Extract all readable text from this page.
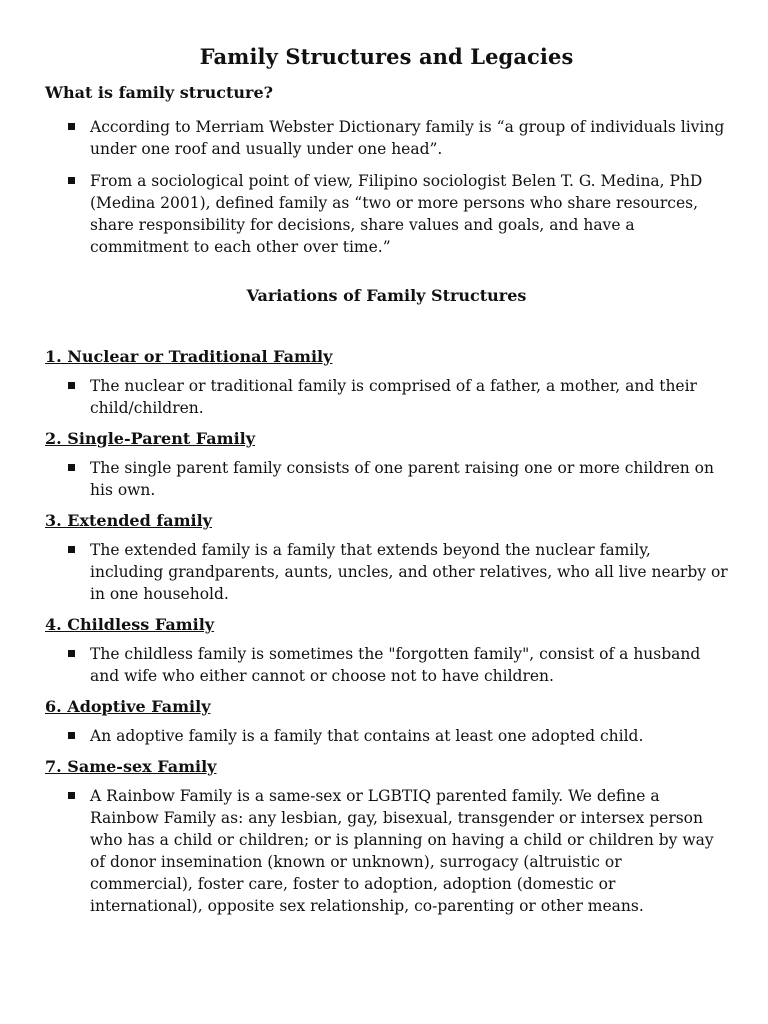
Family Structures and Legacies
What is family structure?
According to Merriam Webster Dictionary family is “a group of individuals living under one roof and usually under one head”.
From a sociological point of view, Filipino sociologist Belen T. G. Medina, PhD (Medina 2001), defined family as “two or more persons who share resources, share responsibility for decisions, share values and goals, and have a commitment to each other over time.”
Variations of Family Structures
1. Nuclear or Traditional Family
The nuclear or traditional family is comprised of a father, a mother, and their child/children.
2. Single-Parent Family
The single parent family consists of one parent raising one or more children on his own.
3. Extended family
The extended family is a family that extends beyond the nuclear family, including grandparents, aunts, uncles, and other relatives, who all live nearby or in one household.
4. Childless Family
The childless family is sometimes the "forgotten family", consist of a husband and wife who either cannot or choose not to have children.
6. Adoptive Family
An adoptive family is a family that contains at least one adopted child.
7. Same-sex Family
A Rainbow Family is a same-sex or LGBTIQ parented family. We define a Rainbow Family as: any lesbian, gay, bisexual, transgender or intersex person who has a child or children; or is planning on having a child or children by way of donor insemination (known or unknown), surrogacy (altruistic or commercial), foster care, foster to adoption, adoption (domestic or international), opposite sex relationship, co-parenting or other means.
